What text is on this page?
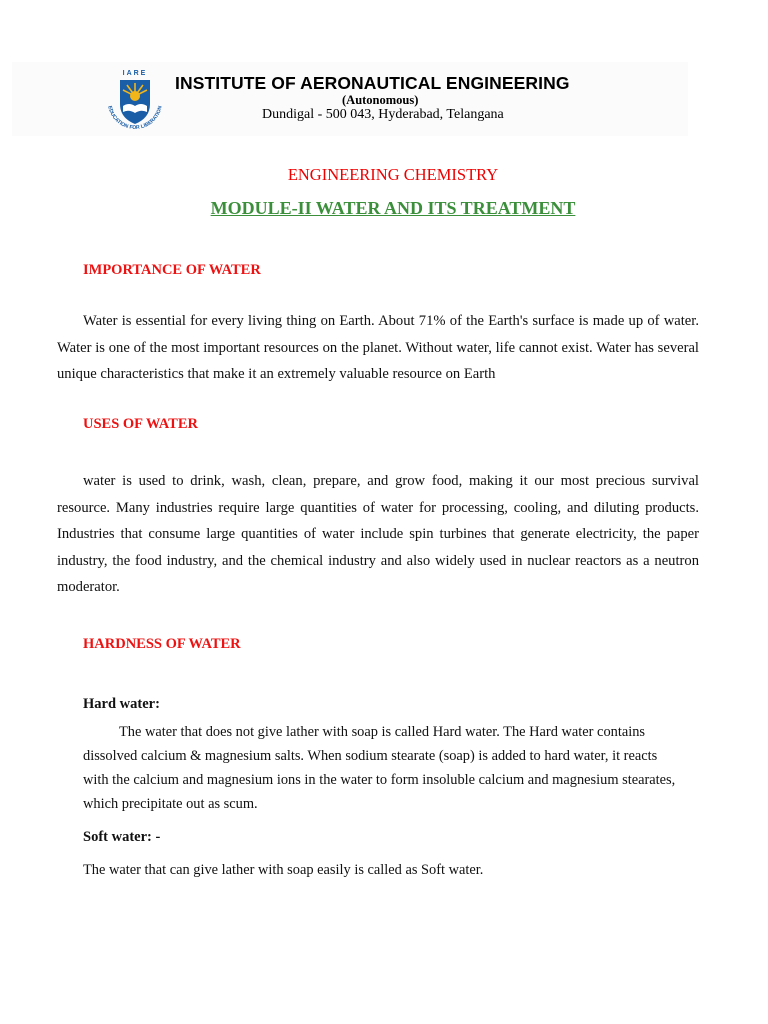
IARE
EDUCATION FOR LIBERATION
INSTITUTE OF AERONAUTICAL ENGINEERING
(Autonomous)
Dundigal - 500 043, Hyderabad, Telangana
ENGINEERING CHEMISTRY
MODULE-II WATER AND ITS TREATMENT
IMPORTANCE OF WATER

Water is essential for every living thing on Earth. About 71% of the Earth's surface is made up of water. Water is one of the most important resources on the planet. Without water, life cannot exist. Water has several unique characteristics that make it an extremely valuable resource on Earth

USES OF WATER

water is used to drink, wash, clean, prepare, and grow food, making it our most precious survival resource. Many industries require large quantities of water for processing, cooling, and diluting products. Industries that consume large quantities of water include spin turbines that generate electricity, the paper industry, the food industry, and the chemical industry and also widely used in nuclear reactors as a neutron moderator.

HARDNESS OF WATER
Hard water:

The water that does not give lather with soap is called Hard water. The Hard water contains dissolved calcium & magnesium salts. When sodium stearate (soap) is added to hard water, it reacts with the calcium and magnesium ions in the water to form insoluble calcium and magnesium stearates, which precipitate out as scum.

Soft water: -

The water that can give lather with soap easily is called as Soft water.
